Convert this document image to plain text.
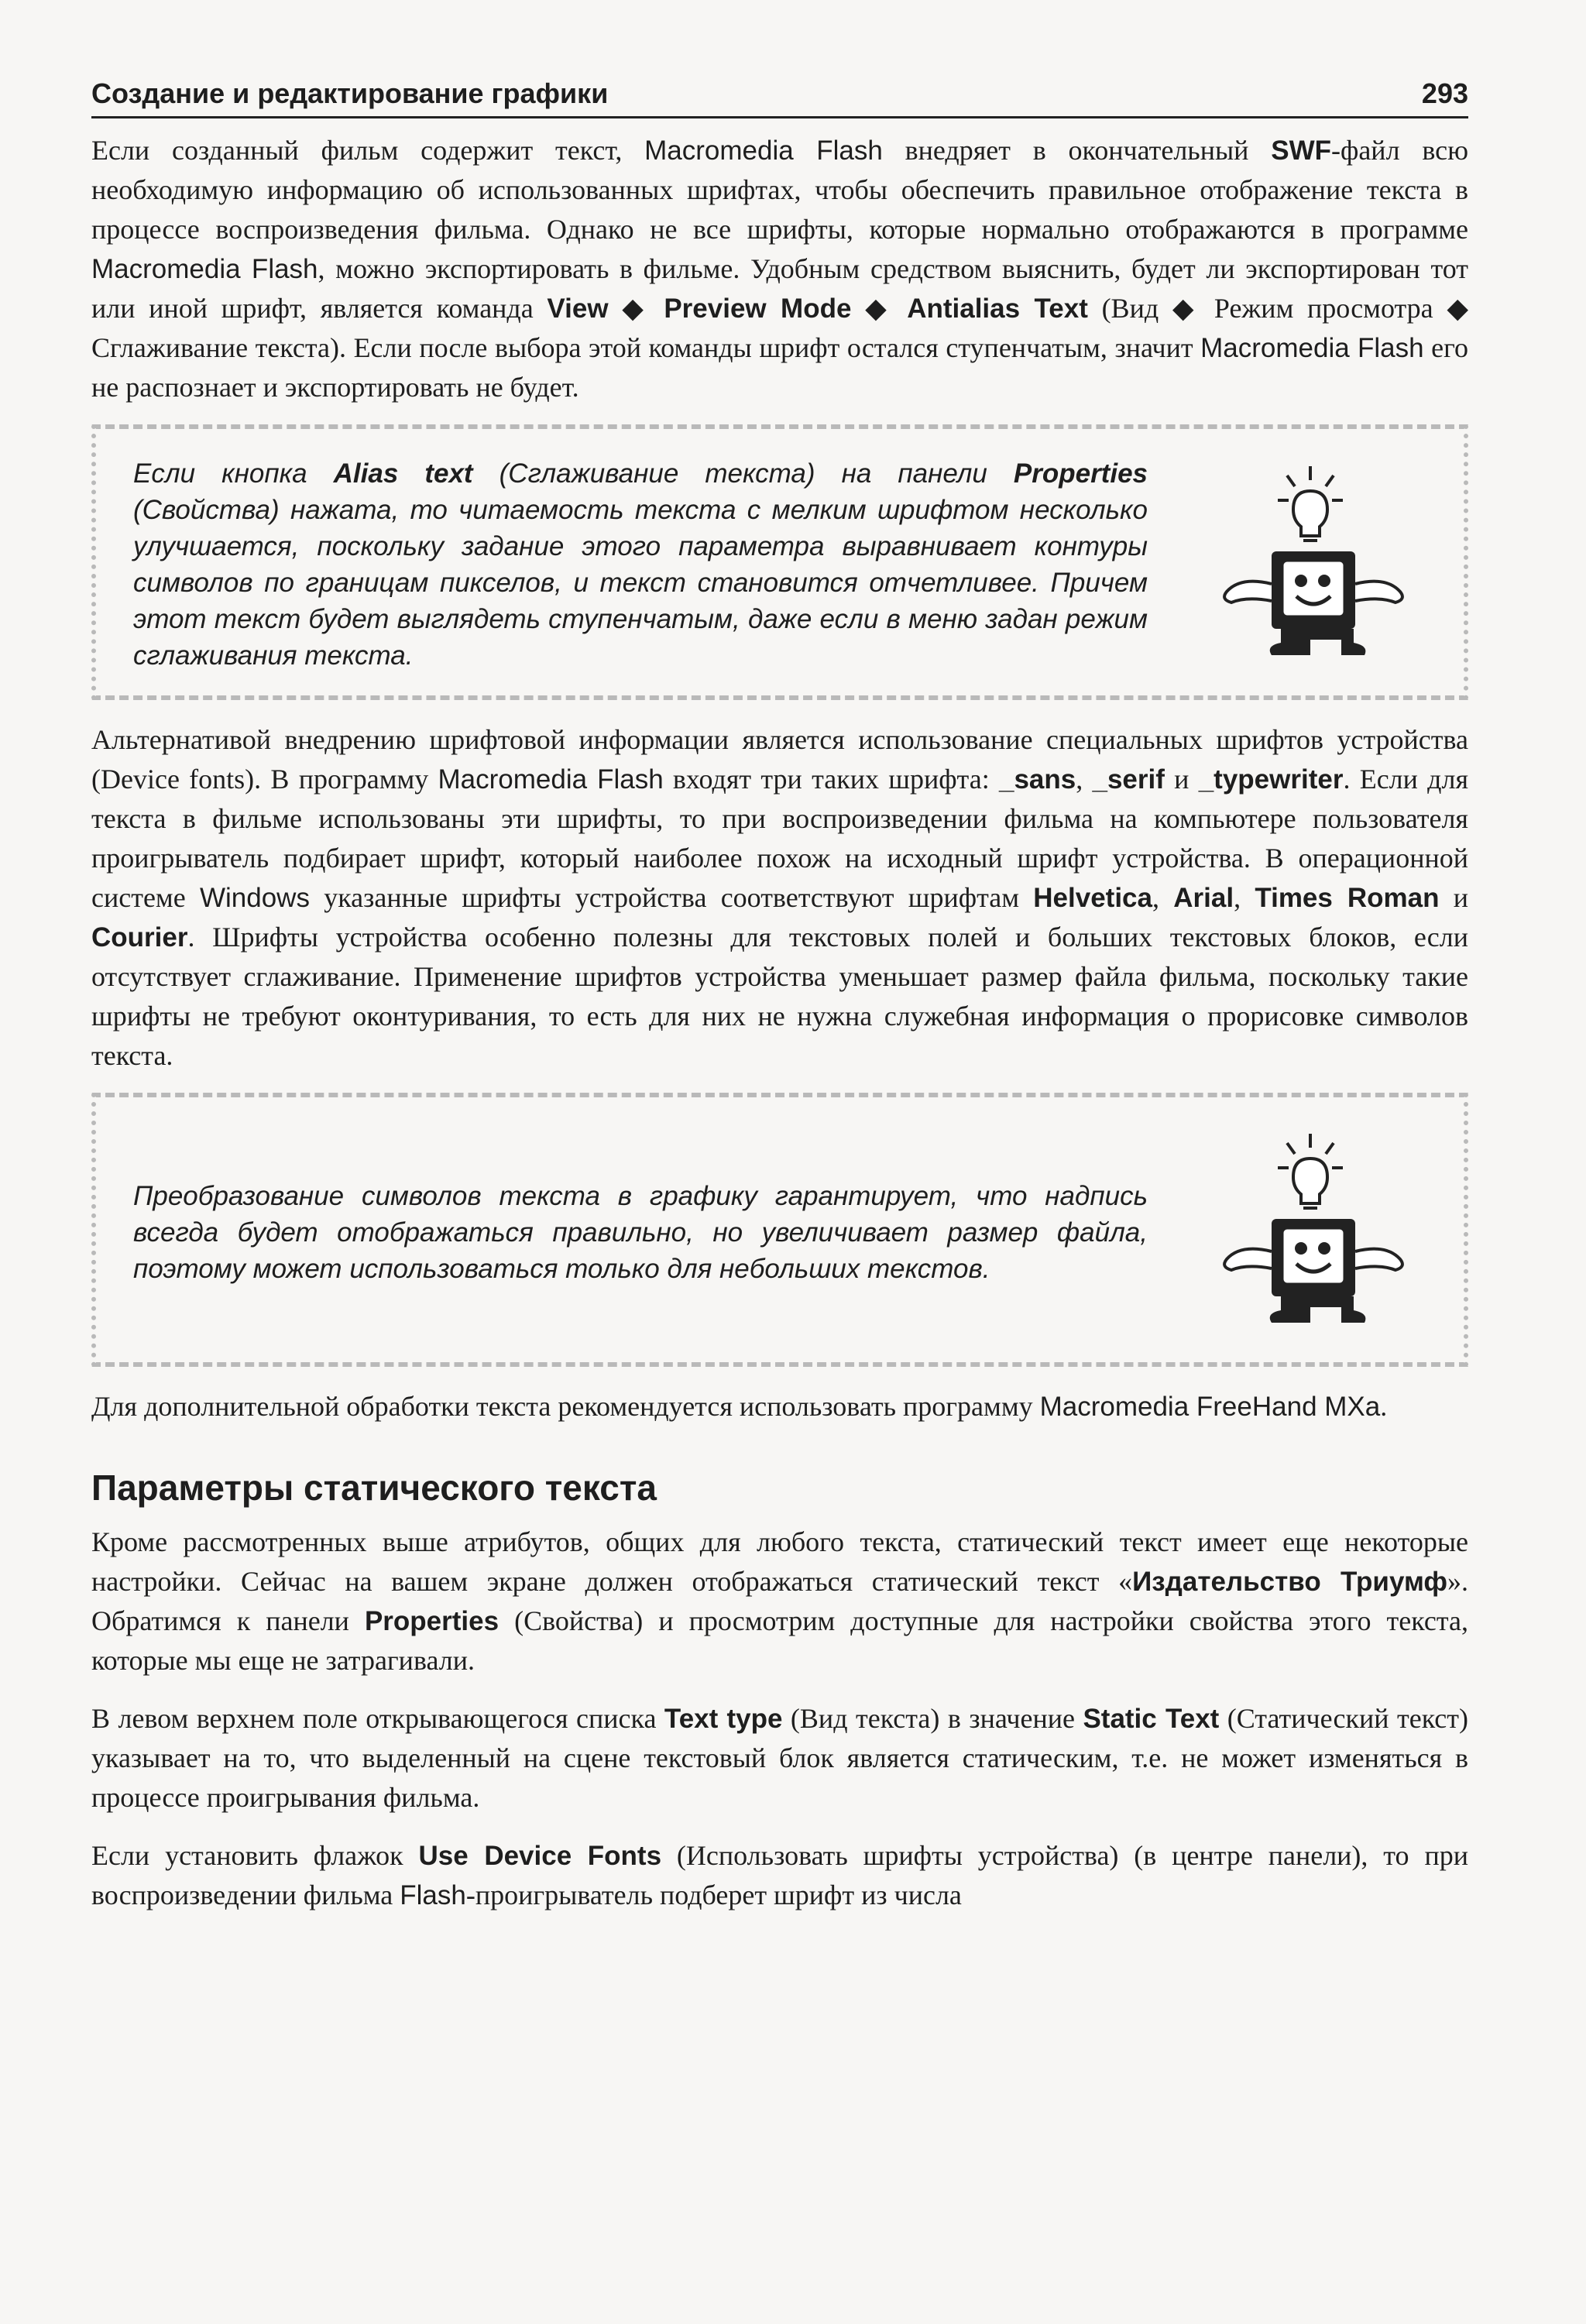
Создание и редактирование графики	293

Если созданный фильм содержит текст, Macromedia Flash внедряет в окончательный SWF-файл всю необходимую информацию об использованных шрифтах, чтобы обеспечить правильное отображение текста в процессе воспроизведения фильма. Однако не все шрифты, которые нормально отображаются в программе Macromedia Flash, можно экспортировать в фильме. Удобным средством выяснить, будет ли экспортирован тот или иной шрифт, является команда View ◆ Preview Mode ◆ Antialias Text (Вид ◆ Режим просмотра ◆ Сглаживание текста). Если после выбора этой команды шрифт остался ступенчатым, значит Macromedia Flash его не распознает и экспортировать не будет.

Если кнопка Alias text (Сглаживание текста) на панели Properties (Свойства) нажата, то читаемость текста с мелким шрифтом несколько улучшается, поскольку задание этого параметра выравнивает контуры символов по границам пикселов, и текст становится отчетливее. Причем этот текст будет выглядеть ступенчатым, даже если в меню задан режим сглаживания текста.

Альтернативой внедрению шрифтовой информации является использование специальных шрифтов устройства (Device fonts). В программу Macromedia Flash входят три таких шрифта: _sans, _serif и _typewriter. Если для текста в фильме использованы эти шрифты, то при воспроизведении фильма на компьютере пользователя проигрыватель подбирает шрифт, который наиболее похож на исходный шрифт устройства. В операционной системе Windows указанные шрифты устройства соответствуют шрифтам Helvetica, Arial, Times Roman и Courier. Шрифты устройства особенно полезны для текстовых полей и больших текстовых блоков, если отсутствует сглаживание. Применение шрифтов устройства уменьшает размер файла фильма, поскольку такие шрифты не требуют оконтуривания, то есть для них не нужна служебная информация о прорисовке символов текста.

Преобразование символов текста в графику гарантирует, что надпись всегда будет отображаться правильно, но увеличивает размер файла, поэтому может использоваться только для небольших текстов.

Для дополнительной обработки текста рекомендуется использовать программу Macromedia FreeHand MXa.

Параметры статического текста

Кроме рассмотренных выше атрибутов, общих для любого текста, статический текст имеет еще некоторые настройки. Сейчас на вашем экране должен отображаться статический текст «Издательство Триумф». Обратимся к панели Properties (Свойства) и просмотрим доступные для настройки свойства этого текста, которые мы еще не затрагивали.

В левом верхнем поле открывающегося списка Text type (Вид текста) в значение Static Text (Статический текст) указывает на то, что выделенный на сцене текстовый блок является статическим, т.е. не может изменяться в процессе проигрывания фильма.

Если установить флажок Use Device Fonts (Использовать шрифты устройства) (в центре панели), то при воспроизведении фильма Flash-проигрыватель подберет шрифт из числа
